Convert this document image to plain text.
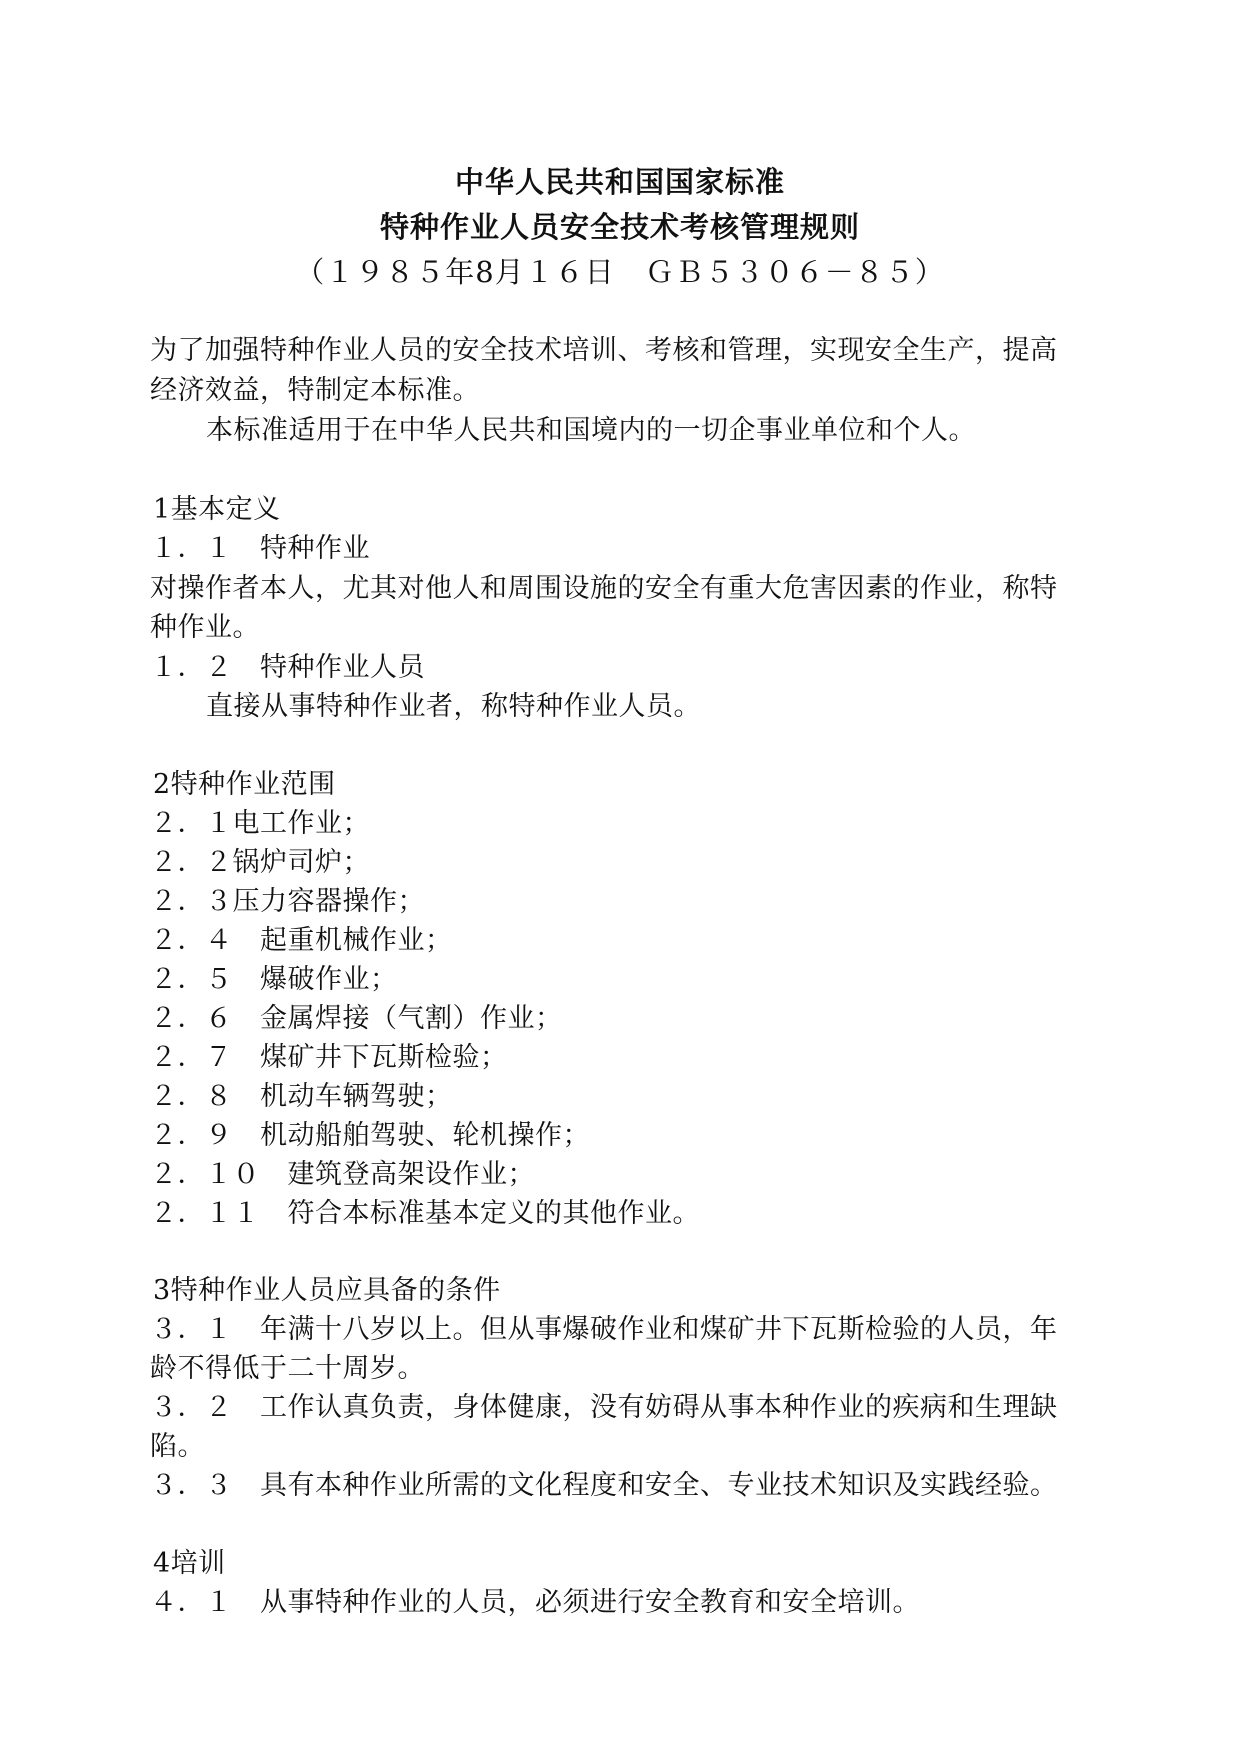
中华人民共和国国家标准
特种作业人员安全技术考核管理规则
（１９８５年8月１６日　ＧＢ５３０６－８５）
为了加强特种作业人员的安全技术培训、考核和管理，实现安全生产，提高
经济效益，特制定本标准。
本标准适用于在中华人民共和国境内的一切企事业单位和个人。
1基本定义
１．１　特种作业
对操作者本人，尤其对他人和周围设施的安全有重大危害因素的作业，称特
种作业。
１．２　特种作业人员
直接从事特种作业者，称特种作业人员。
2特种作业范围
２．１电工作业；
２．２锅炉司炉；
２．３压力容器操作；
２．４　起重机械作业；
２．５　爆破作业；
２．６　金属焊接（气割）作业；
２．７　煤矿井下瓦斯检验；
２．８　机动车辆驾驶；
２．９　机动船舶驾驶、轮机操作；
２．１０　建筑登高架设作业；
２．１１　符合本标准基本定义的其他作业。
3特种作业人员应具备的条件
３．１　年满十八岁以上。但从事爆破作业和煤矿井下瓦斯检验的人员，年
龄不得低于二十周岁。
３．２　工作认真负责，身体健康，没有妨碍从事本种作业的疾病和生理缺
陷。
３．３　具有本种作业所需的文化程度和安全、专业技术知识及实践经验。
4培训
４．１　从事特种作业的人员，必须进行安全教育和安全培训。
